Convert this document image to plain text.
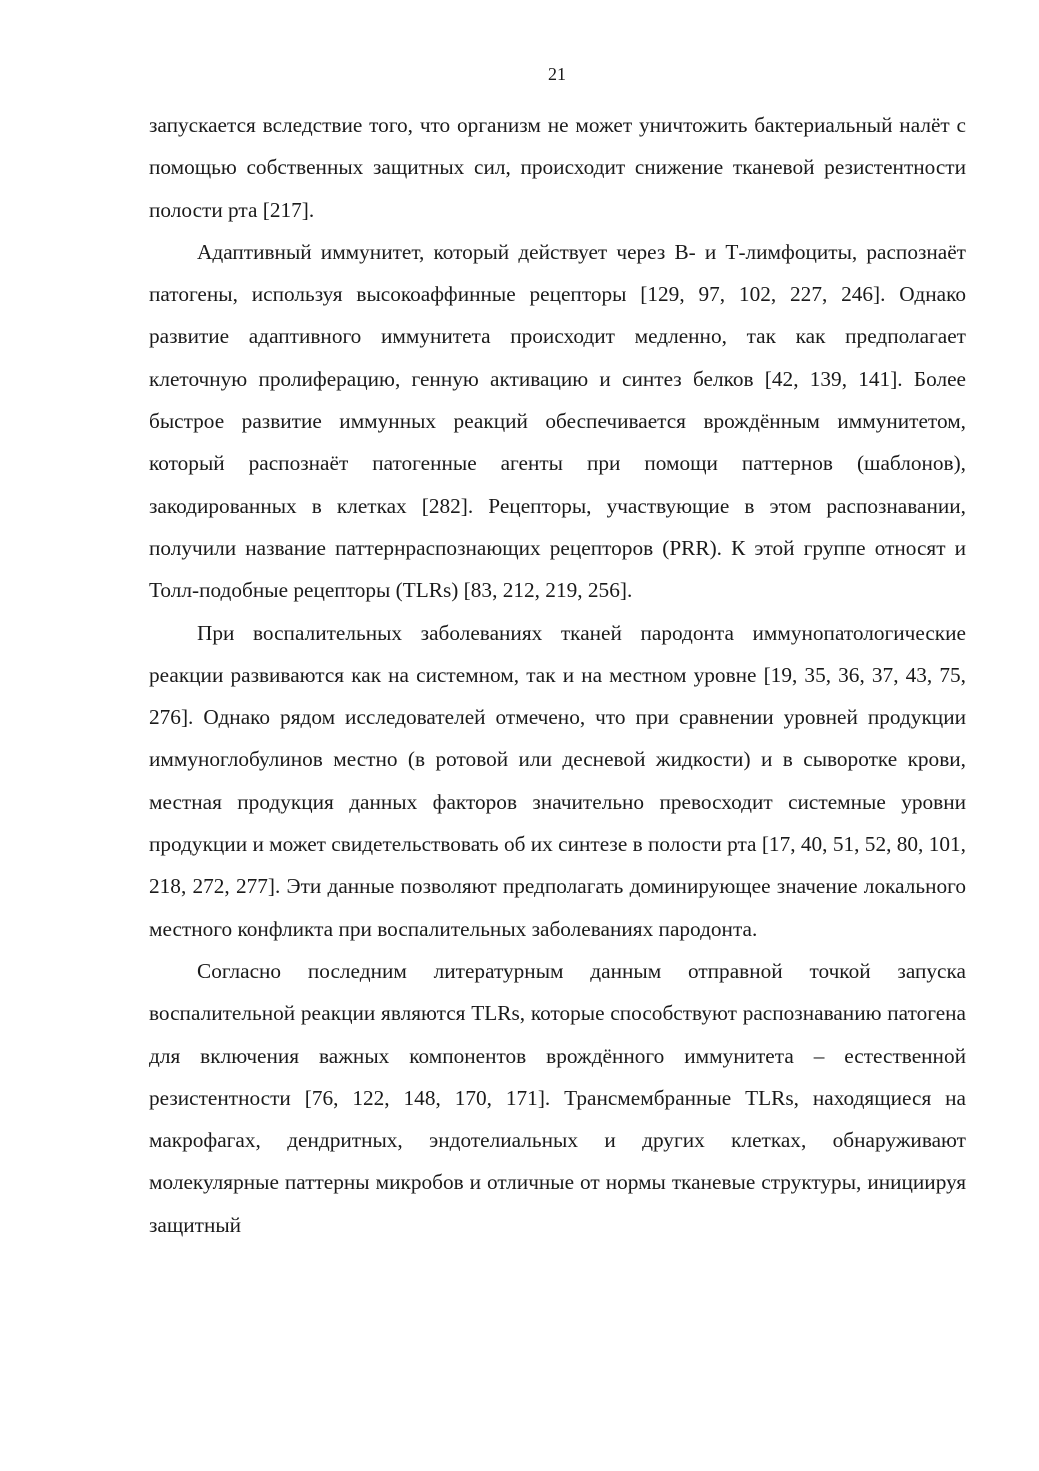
21

запускается вследствие того, что организм не может уничтожить бактериальный налёт с помощью собственных защитных сил, происходит снижение тканевой резистентности полости рта [217].

Адаптивный иммунитет, который действует через В- и Т-лимфоциты, распознаёт патогены, используя высокоаффинные рецепторы [129, 97, 102, 227, 246]. Однако развитие адаптивного иммунитета происходит медленно, так как предполагает клеточную пролиферацию, генную активацию и синтез белков [42, 139, 141]. Более быстрое развитие иммунных реакций обеспечивается врождённым иммунитетом, который распознаёт патогенные агенты при помощи паттернов (шаблонов), закодированных в клетках [282]. Рецепторы, участвующие в этом распознавании, получили название паттернраспознающих рецепторов (PRR). К этой группе относят и Толл-подобные рецепторы (TLRs) [83, 212, 219, 256].

При воспалительных заболеваниях тканей пародонта иммунопатологические реакции развиваются как на системном, так и на местном уровне [19, 35, 36, 37, 43, 75, 276]. Однако рядом исследователей отмечено, что при сравнении уровней продукции иммуноглобулинов местно (в ротовой или десневой жидкости) и в сыворотке крови, местная продукция данных факторов значительно превосходит системные уровни продукции и может свидетельствовать об их синтезе в полости рта [17, 40, 51, 52, 80, 101, 218, 272, 277]. Эти данные позволяют предполагать доминирующее значение локального местного конфликта при воспалительных заболеваниях пародонта.

Согласно последним литературным данным отправной точкой запуска воспалительной реакции являются TLRs, которые способствуют распознаванию патогена для включения важных компонентов врождённого иммунитета – естественной резистентности [76, 122, 148, 170, 171]. Трансмембранные TLRs, находящиеся на макрофагах, дендритных, эндотелиальных и других клетках, обнаруживают молекулярные паттерны микробов и отличные от нормы тканевые структуры, инициируя защитный
